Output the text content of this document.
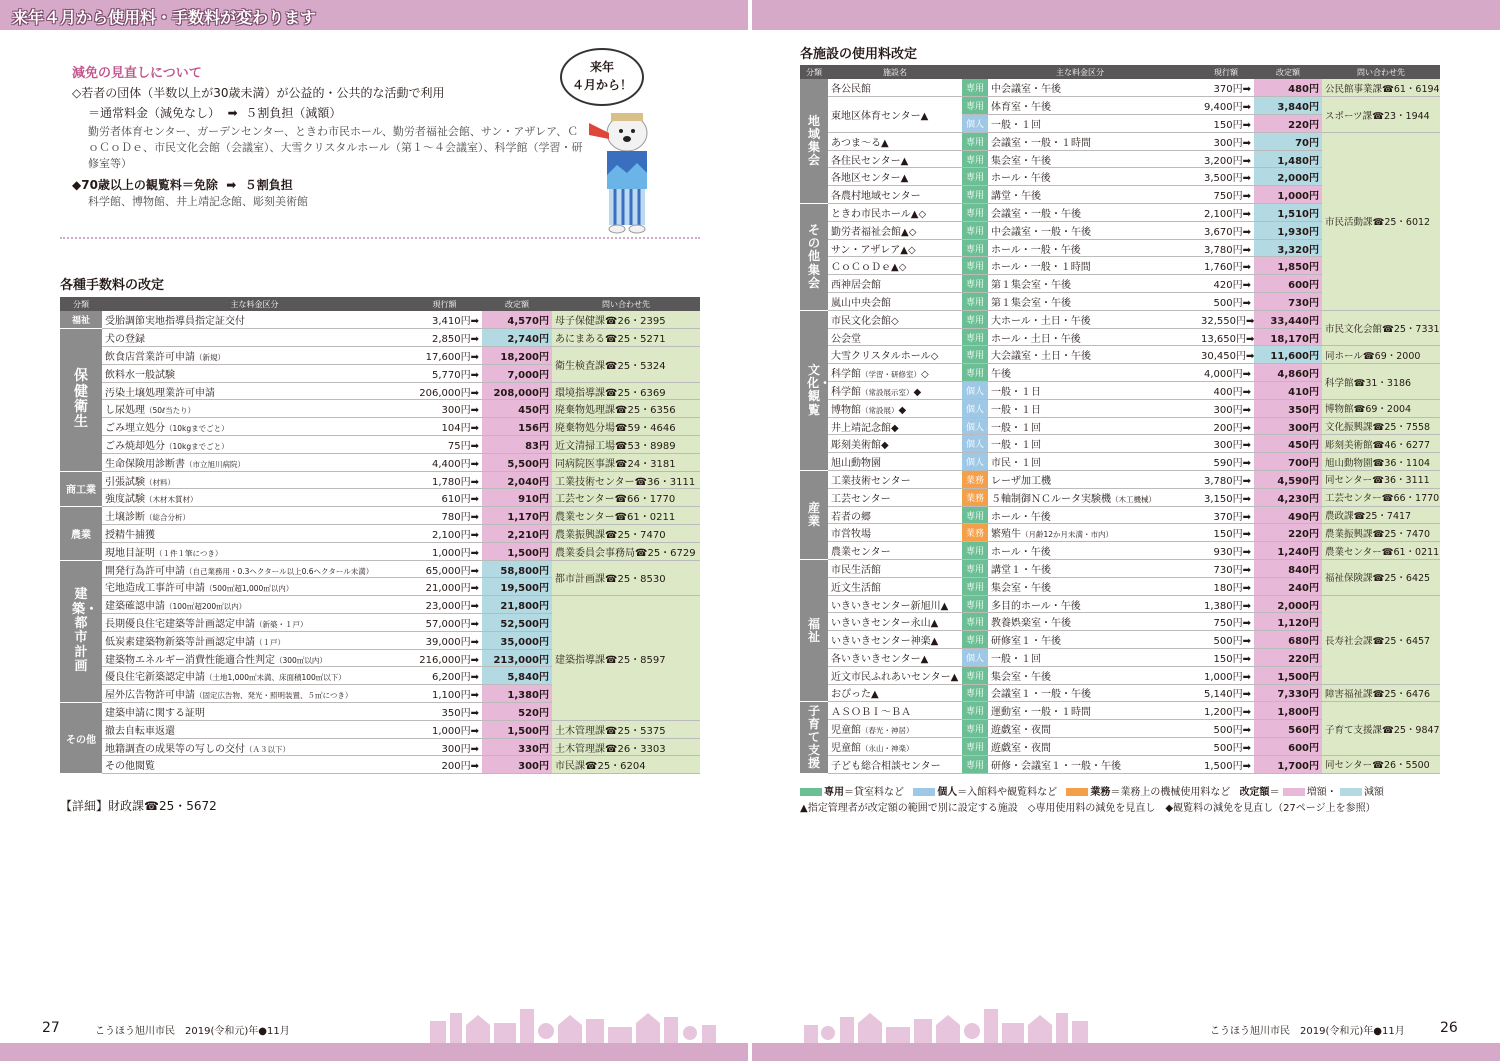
来年４月から使用料・手数料が変わります
減免の見直しについて
◇若者の団体（半数以上が30歳未満）が公益的・公共的な活動で利用
＝通常料金（減免なし）  ➡  ５割負担（減額）
勤労者体育センター、ガーデンセンター、ときわ市民ホール、勤労者福祉会館、サン・アザレア、ＣｏＣｏＤｅ、市民文化会館（会議室）、大雪クリスタルホール（第１〜４会議室）、科学館（学習・研修室等）
◆70歳以上の観覧料＝免除  ➡  ５割負担
科学館、博物館、井上靖記念館、彫刻美術館
来年
４月から！
各種手数料の改定
分類	主な料金区分	現行額	改定額	問い合わせ先	
福祉	受胎調節実地指導員指定証交付	3,410円➡	4,570円	母子保健課☎26・2395	
保健衛生	犬の登録	2,850円➡	2,740円	あにまある☎25・5271	
	飲食店営業許可申請（新規）	17,600円➡	18,200円	衛生検査課☎25・5324	
	飲料水一般試験	5,770円➡	7,000円		
	汚染土壌処理業許可申請	206,000円➡	208,000円	環境指導課☎25・6369	
	し尿処理（50ℓ当たり）	300円➡	450円	廃棄物処理課☎25・6356	
	ごみ埋立処分（10kgまでごと）	104円➡	156円	廃棄物処分場☎59・4646	
	ごみ焼却処分（10kgまでごと）	75円➡	83円	近文清掃工場☎53・8989	
	生命保険用診断書（市立旭川病院）	4,400円➡	5,500円	同病院医事課☎24・3181	
商工業	引張試験（材料）	1,780円➡	2,040円	工業技術センター☎36・3111	
	強度試験（木材木質材）	610円➡	910円	工芸センター☎66・1770	
農業	土壌診断（総合分析）	780円➡	1,170円	農業センター☎61・0211	
	授精牛捕獲	2,100円➡	2,210円	農業振興課☎25・7470	
	現地目証明（１件１筆につき）	1,000円➡	1,500円	農業委員会事務局☎25・6729	
建築・都市計画	開発行為許可申請（自己業務用・0.3ヘクタール以上0.6ヘクタール未満）	65,000円➡	58,800円	都市計画課☎25・8530	
	宅地造成工事許可申請（500㎡超1,000㎡以内）	21,000円➡	19,500円		
	建築確認申請（100㎡超200㎡以内）	23,000円➡	21,800円	建築指導課☎25・8597	
	長期優良住宅建築等計画認定申請（新築・１戸）	57,000円➡	52,500円		
	低炭素建築物新築等計画認定申請（１戸）	39,000円➡	35,000円		
	建築物エネルギー消費性能適合性判定（300㎡以内）	216,000円➡	213,000円		
	優良住宅新築認定申請（土地1,000㎡未満、床面積100㎡以下）	6,200円➡	5,840円		
	屋外広告物許可申請（固定広告物、発光・照明装置、５㎡につき）	1,100円➡	1,380円		
その他	建築申請に関する証明	350円➡	520円		
	撤去自転車返還	1,000円➡	1,500円	土木管理課☎25・5375	
	地籍調査の成果等の写しの交付（Ａ３以下）	300円➡	330円	土木管理課☎26・3303	
	その他閲覧	200円➡	300円	市民課☎25・6204	
【詳細】財政課☎25・5672
各施設の使用料改定
分類	施設名	主な料金区分		現行額	改定額	問い合わせ先
地域集会	各公民館	専用	中会議室・午後	370円➡	480円	公民館事業課☎61・6194
	東地区体育センター▲	専用	体育室・午後	9,400円➡	3,840円	スポーツ課☎23・1944
		個人	一般・１回	150円➡	220円	
	あつま〜る▲	専用	会議室・一般・１時間	300円➡	70円	市民活動課☎25・6012
	各住民センター▲	専用	集会室・午後	3,200円➡	1,480円	
	各地区センター▲	専用	ホール・午後	3,500円➡	2,000円	
	各農村地域センター	専用	講堂・午後	750円➡	1,000円	
その他集会	ときわ市民ホール▲◇	専用	会議室・一般・午後	2,100円➡	1,510円	
	勤労者福祉会館▲◇	専用	中会議室・一般・午後	3,670円➡	1,930円	
	サン・アザレア▲◇	専用	ホール・一般・午後	3,780円➡	3,320円	
	ＣｏＣｏＤｅ▲◇	専用	ホール・一般・１時間	1,760円➡	1,850円	
	西神居会館	専用	第１集会室・午後	420円➡	600円	
	嵐山中央会館	専用	第１集会室・午後	500円➡	730円	
文化・観覧	市民文化会館◇	専用	大ホール・土日・午後	32,550円➡	33,440円	市民文化会館☎25・7331
	公会堂	専用	ホール・土日・午後	13,650円➡	18,170円	
	大雪クリスタルホール◇	専用	大会議室・土日・午後	30,450円➡	11,600円	同ホール☎69・2000
	科学館（学習・研修室）◇	専用	午後	4,000円➡	4,860円	科学館☎31・3186
	科学館（常設展示室）◆	個人	一般・１日	400円➡	410円	
	博物館（常設展）◆	個人	一般・１日	300円➡	350円	博物館☎69・2004
	井上靖記念館◆	個人	一般・１回	200円➡	300円	文化振興課☎25・7558
	彫刻美術館◆	個人	一般・１回	300円➡	450円	彫刻美術館☎46・6277
	旭山動物園	個人	市民・１回	590円➡	700円	旭山動物園☎36・1104
産業	工業技術センター	業務	レーザ加工機	3,780円➡	4,590円	同センター☎36・3111
	工芸センター	業務	５軸制御ＮＣルータ実験機（木工機械）	3,150円➡	4,230円	工芸センター☎66・1770
	若者の郷	専用	ホール・午後	370円➡	490円	農政課☎25・7417
	市営牧場	業務	繁殖牛（月齢12か月未満・市内）	150円➡	220円	農業振興課☎25・7470
	農業センター	専用	ホール・午後	930円➡	1,240円	農業センター☎61・0211
福祉	市民生活館	専用	講堂１・午後	730円➡	840円	福祉保険課☎25・6425
	近文生活館	専用	集会室・午後	180円➡	240円	
	いきいきセンター新旭川▲	専用	多目的ホール・午後	1,380円➡	2,000円	長寿社会課☎25・6457
	いきいきセンター永山▲	専用	教養娯楽室・午後	750円➡	1,120円	
	いきいきセンター神楽▲	専用	研修室１・午後	500円➡	680円	
	各いきいきセンター▲	個人	一般・１回	150円➡	220円	
	近文市民ふれあいセンター▲	専用	集会室・午後	1,000円➡	1,500円	
	おぴった▲	専用	会議室１・一般・午後	5,140円➡	7,330円	障害福祉課☎25・6476
子育て支援	ＡＳＯＢＩ〜ＢＡ	専用	運動室・一般・１時間	1,200円➡	1,800円	子育て支援課☎25・9847
	児童館（春光・神居）	専用	遊戯室・夜間	500円➡	560円	
	児童館（永山・神楽）	専用	遊戯室・夜間	500円➡	600円	
	子ども総合相談センター	専用	研修・会議室１・一般・午後	1,500円➡	1,700円	同センター☎26・5500
専用＝貸室料など	個人＝入館料や観覧料など	業務＝業務上の機械使用料など 改定額＝	増額・ 減額
▲指定管理者が改定額の範囲で別に設定する施設　◇専用使用料の減免を見直し　◆観覧料の減免を見直し（27ページ上を参照）
27	こうほう旭川市民　2019(令和元)年●11月	こうほう旭川市民　2019(令和元)年●11月	26
